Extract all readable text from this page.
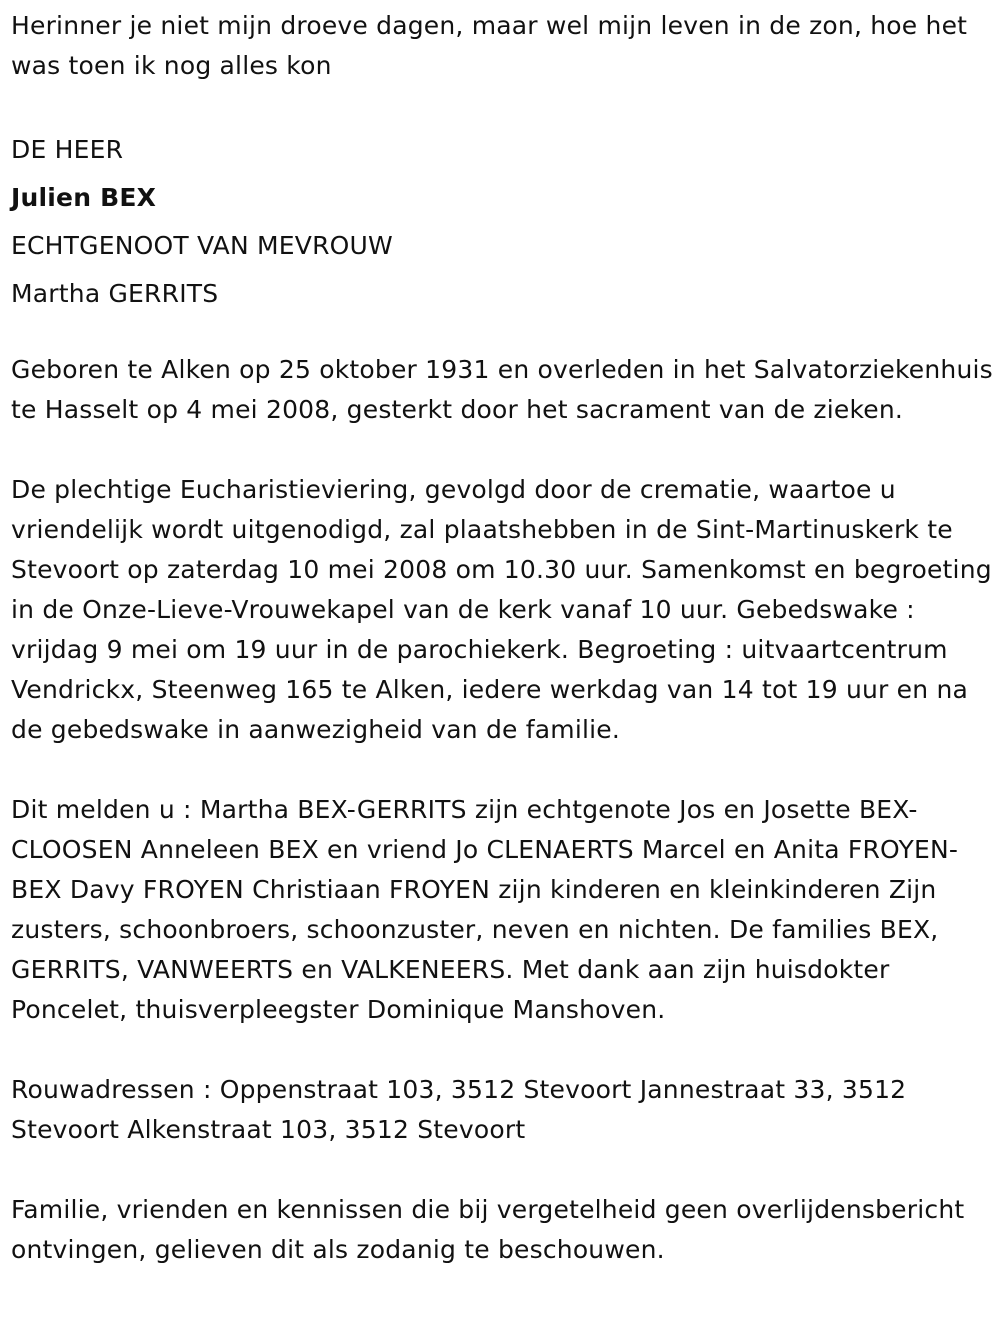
Herinner je niet mijn droeve dagen, maar wel mijn leven in de zon, hoe het was toen ik nog alles kon

DE HEER
Julien BEX
ECHTGENOOT VAN MEVROUW
Martha GERRITS

Geboren te Alken op 25 oktober 1931 en overleden in het Salvatorziekenhuis te Hasselt op 4 mei 2008, gesterkt door het sacrament van de zieken.

De plechtige Eucharistieviering, gevolgd door de crematie, waartoe u vriendelijk wordt uitgenodigd, zal plaatshebben in de Sint-Martinuskerk te Stevoort op zaterdag 10 mei 2008 om 10.30 uur. Samenkomst en begroeting in de Onze-Lieve-Vrouwekapel van de kerk vanaf 10 uur. Gebedswake : vrijdag 9 mei om 19 uur in de parochiekerk. Begroeting : uitvaartcentrum Vendrickx, Steenweg 165 te Alken, iedere werkdag van 14 tot 19 uur en na de gebedswake in aanwezigheid van de familie.

Dit melden u : Martha BEX-GERRITS zijn echtgenote Jos en Josette BEX-CLOOSEN Anneleen BEX en vriend Jo CLENAERTS Marcel en Anita FROYEN-BEX Davy FROYEN Christiaan FROYEN zijn kinderen en kleinkinderen Zijn zusters, schoonbroers, schoonzuster, neven en nichten. De families BEX, GERRITS, VANWEERTS en VALKENEERS. Met dank aan zijn huisdokter Poncelet, thuisverpleegster Dominique Manshoven.

Rouwadressen : Oppenstraat 103, 3512 Stevoort Jannestraat 33, 3512 Stevoort Alkenstraat 103, 3512 Stevoort

Familie, vrienden en kennissen die bij vergetelheid geen overlijdensbericht ontvingen, gelieven dit als zodanig te beschouwen.
